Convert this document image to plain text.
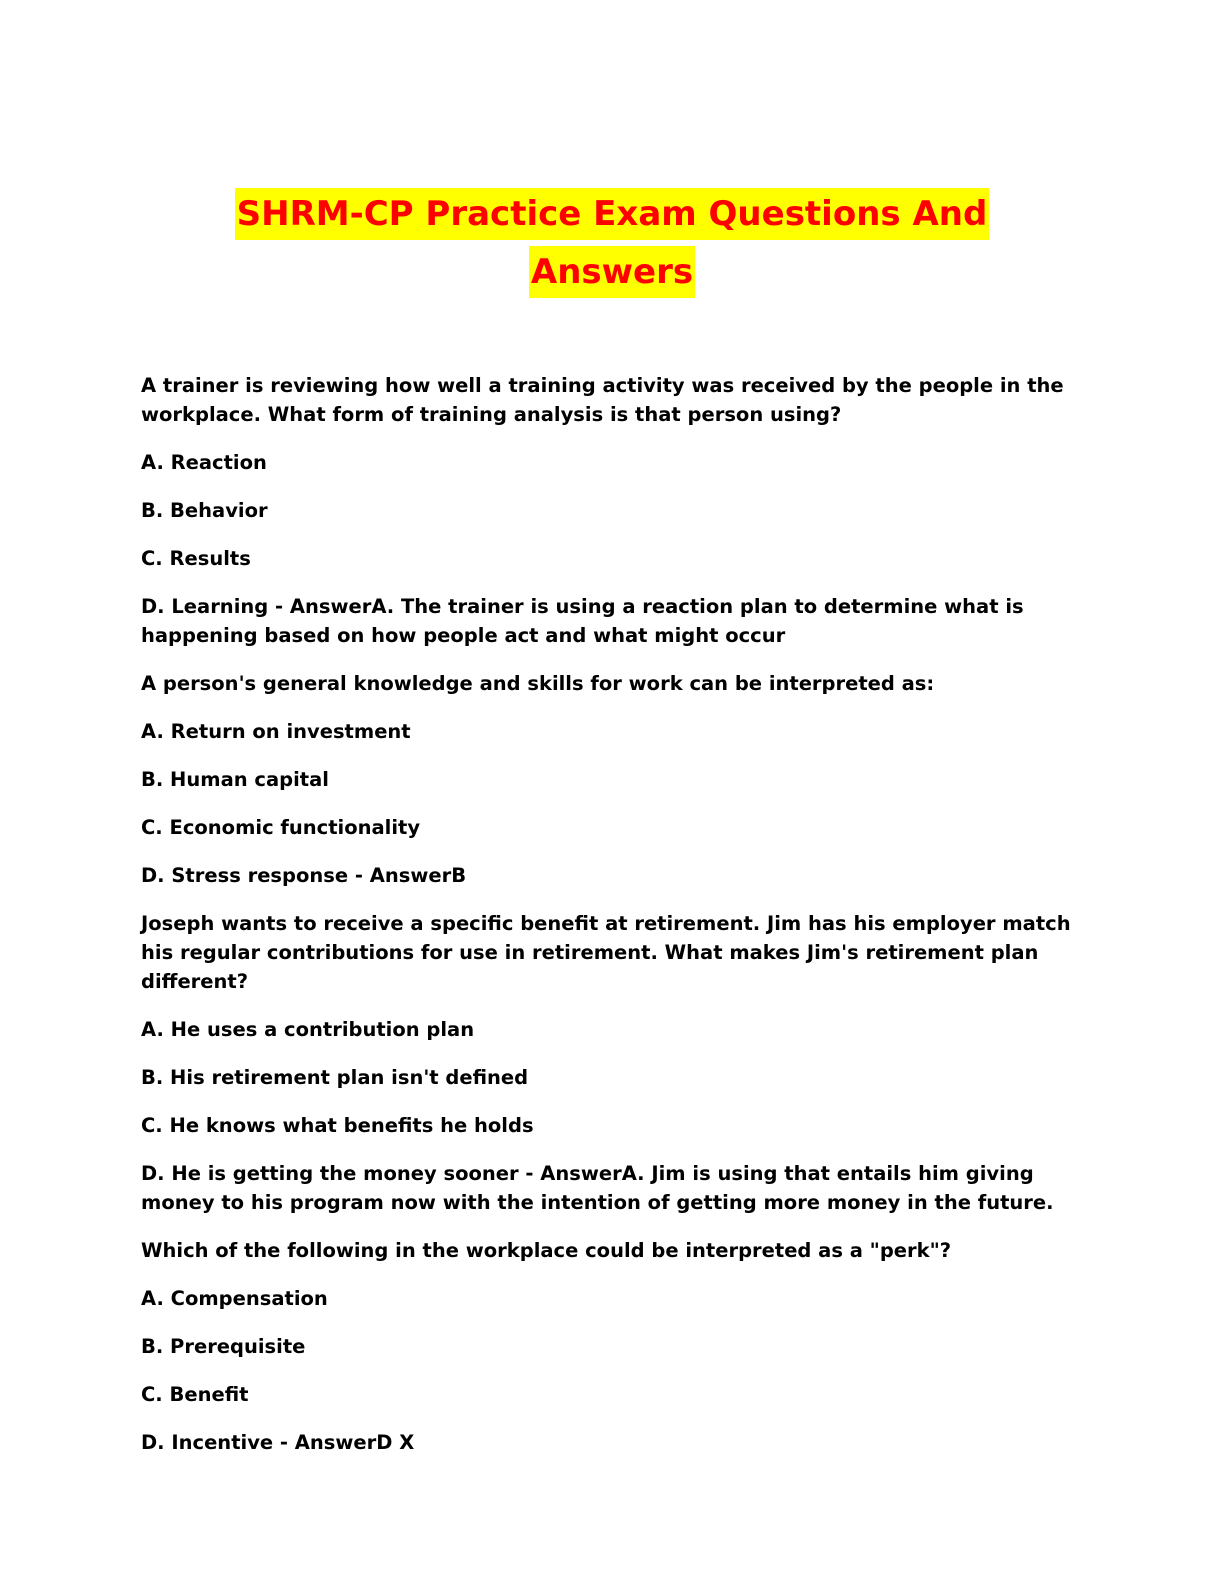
SHRM-CP Practice Exam Questions And
Answers

A trainer is reviewing how well a training activity was received by the people in the workplace. What form of training analysis is that person using?

A. Reaction

B. Behavior

C. Results

D. Learning - AnswerA. The trainer is using a reaction plan to determine what is happening based on how people act and what might occur

A person's general knowledge and skills for work can be interpreted as:

A. Return on investment

B. Human capital

C. Economic functionality

D. Stress response - AnswerB

Joseph wants to receive a specific benefit at retirement. Jim has his employer match his regular contributions for use in retirement. What makes Jim's retirement plan different?

A. He uses a contribution plan

B. His retirement plan isn't defined

C. He knows what benefits he holds

D. He is getting the money sooner - AnswerA. Jim is using that entails him giving money to his program now with the intention of getting more money in the future.

Which of the following in the workplace could be interpreted as a "perk"?

A. Compensation

B. Prerequisite

C. Benefit

D. Incentive - AnswerD X
